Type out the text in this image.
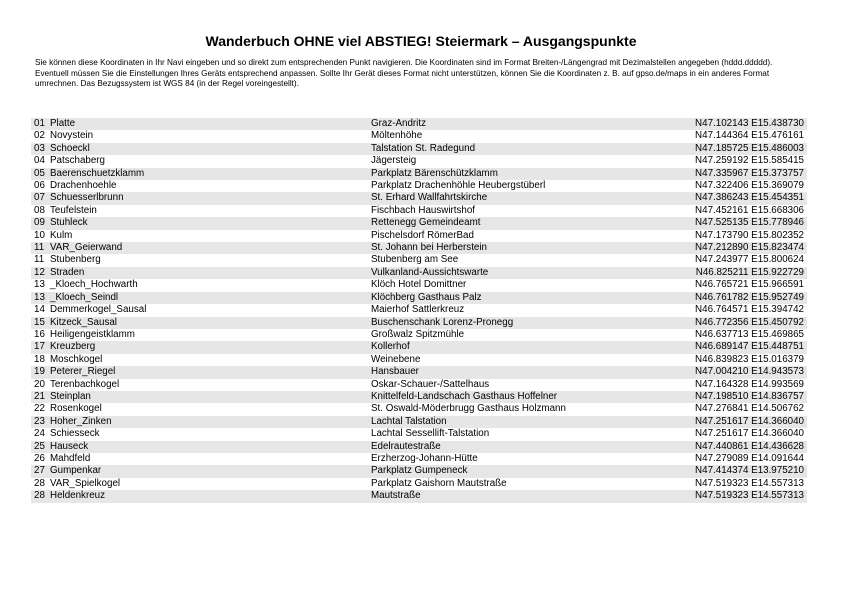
Wanderbuch OHNE viel ABSTIEG! Steiermark – Ausgangspunkte

Sie können diese Koordinaten in Ihr Navi eingeben und so direkt zum entsprechenden Punkt navigieren. Die Koordinaten sind im Format Breiten-/Längengrad mit Dezimalstellen angegeben (hddd.ddddd).

Eventuell müssen Sie die Einstellungen Ihres Geräts entsprechend anpassen. Sollte Ihr Gerät dieses Format nicht unterstützen, können Sie die Koordinaten z. B. auf gpso.de/maps in ein anderes Format umrechnen. Das Bezugssystem ist WGS 84 (in der Regel voreingestellt).

01	Platte	Graz-Andritz	N47.102143 E15.438730
02	Novystein	Möltenhöhe	N47.144364 E15.476161
03	Schoeckl	Talstation St. Radegund	N47.185725 E15.486003
04	Patschaberg	Jägersteig	N47.259192 E15.585415
05	Baerenschuetzklamm	Parkplatz Bärenschützklamm	N47.335967 E15.373757
06	Drachenhoehle	Parkplatz Drachenhöhle Heubergstüberl	N47.322406 E15.369079
07	Schuesserlbrunn	St. Erhard Wallfahrtskirche	N47.386243 E15.454351
08	Teufelstein	Fischbach Hauswirtshof	N47.452161 E15.668306
09	Stuhleck	Rettenegg Gemeindeamt	N47.525135 E15.778946
10	Kulm	Pischelsdorf RömerBad	N47.173790 E15.802352
11	VAR_Geierwand	St. Johann bei Herberstein	N47.212890 E15.823474
11	Stubenberg	Stubenberg am See	N47.243977 E15.800624
12	Straden	Vulkanland-Aussichtswarte	N46.825211 E15.922729
13	_Kloech_Hochwarth	Klöch Hotel Domittner	N46.765721 E15.966591
13	_Kloech_Seindl	Klöchberg Gasthaus Palz	N46.761782 E15.952749
14	Demmerkogel_Sausal	Maierhof Sattlerkreuz	N46.764571 E15.394742
15	Kitzeck_Sausal	Buschenschank Lorenz-Pronegg	N46.772356 E15.450792
16	Heiligengeistklamm	Großwalz Spitzmühle	N46.637713 E15.469865
17	Kreuzberg	Kollerhof	N46.689147 E15.448751
18	Moschkogel	Weinebene	N46.839823 E15.016379
19	Peterer_Riegel	Hansbauer	N47.004210 E14.943573
20	Terenbachkogel	Oskar-Schauer-/Sattelhaus	N47.164328 E14.993569
21	Steinplan	Knittelfeld-Landschach Gasthaus Hoffelner	N47.198510 E14.836757
22	Rosenkogel	St. Oswald-Möderbrugg Gasthaus Holzmann	N47.276841 E14.506762
23	Hoher_Zinken	Lachtal Talstation	N47.251617 E14.366040
24	Schiesseck	Lachtal Sessellift-Talstation	N47.251617 E14.366040
25	Hauseck	Edelrautestraße	N47.440861 E14.436628
26	Mahdfeld	Erzherzog-Johann-Hütte	N47.279089 E14.091644
27	Gumpenkar	Parkplatz Gumpeneck	N47.414374 E13.975210
28	VAR_Spielkogel	Parkplatz Gaishorn Mautstraße	N47.519323 E14.557313
28	Heldenkreuz	Mautstraße	N47.519323 E14.557313
